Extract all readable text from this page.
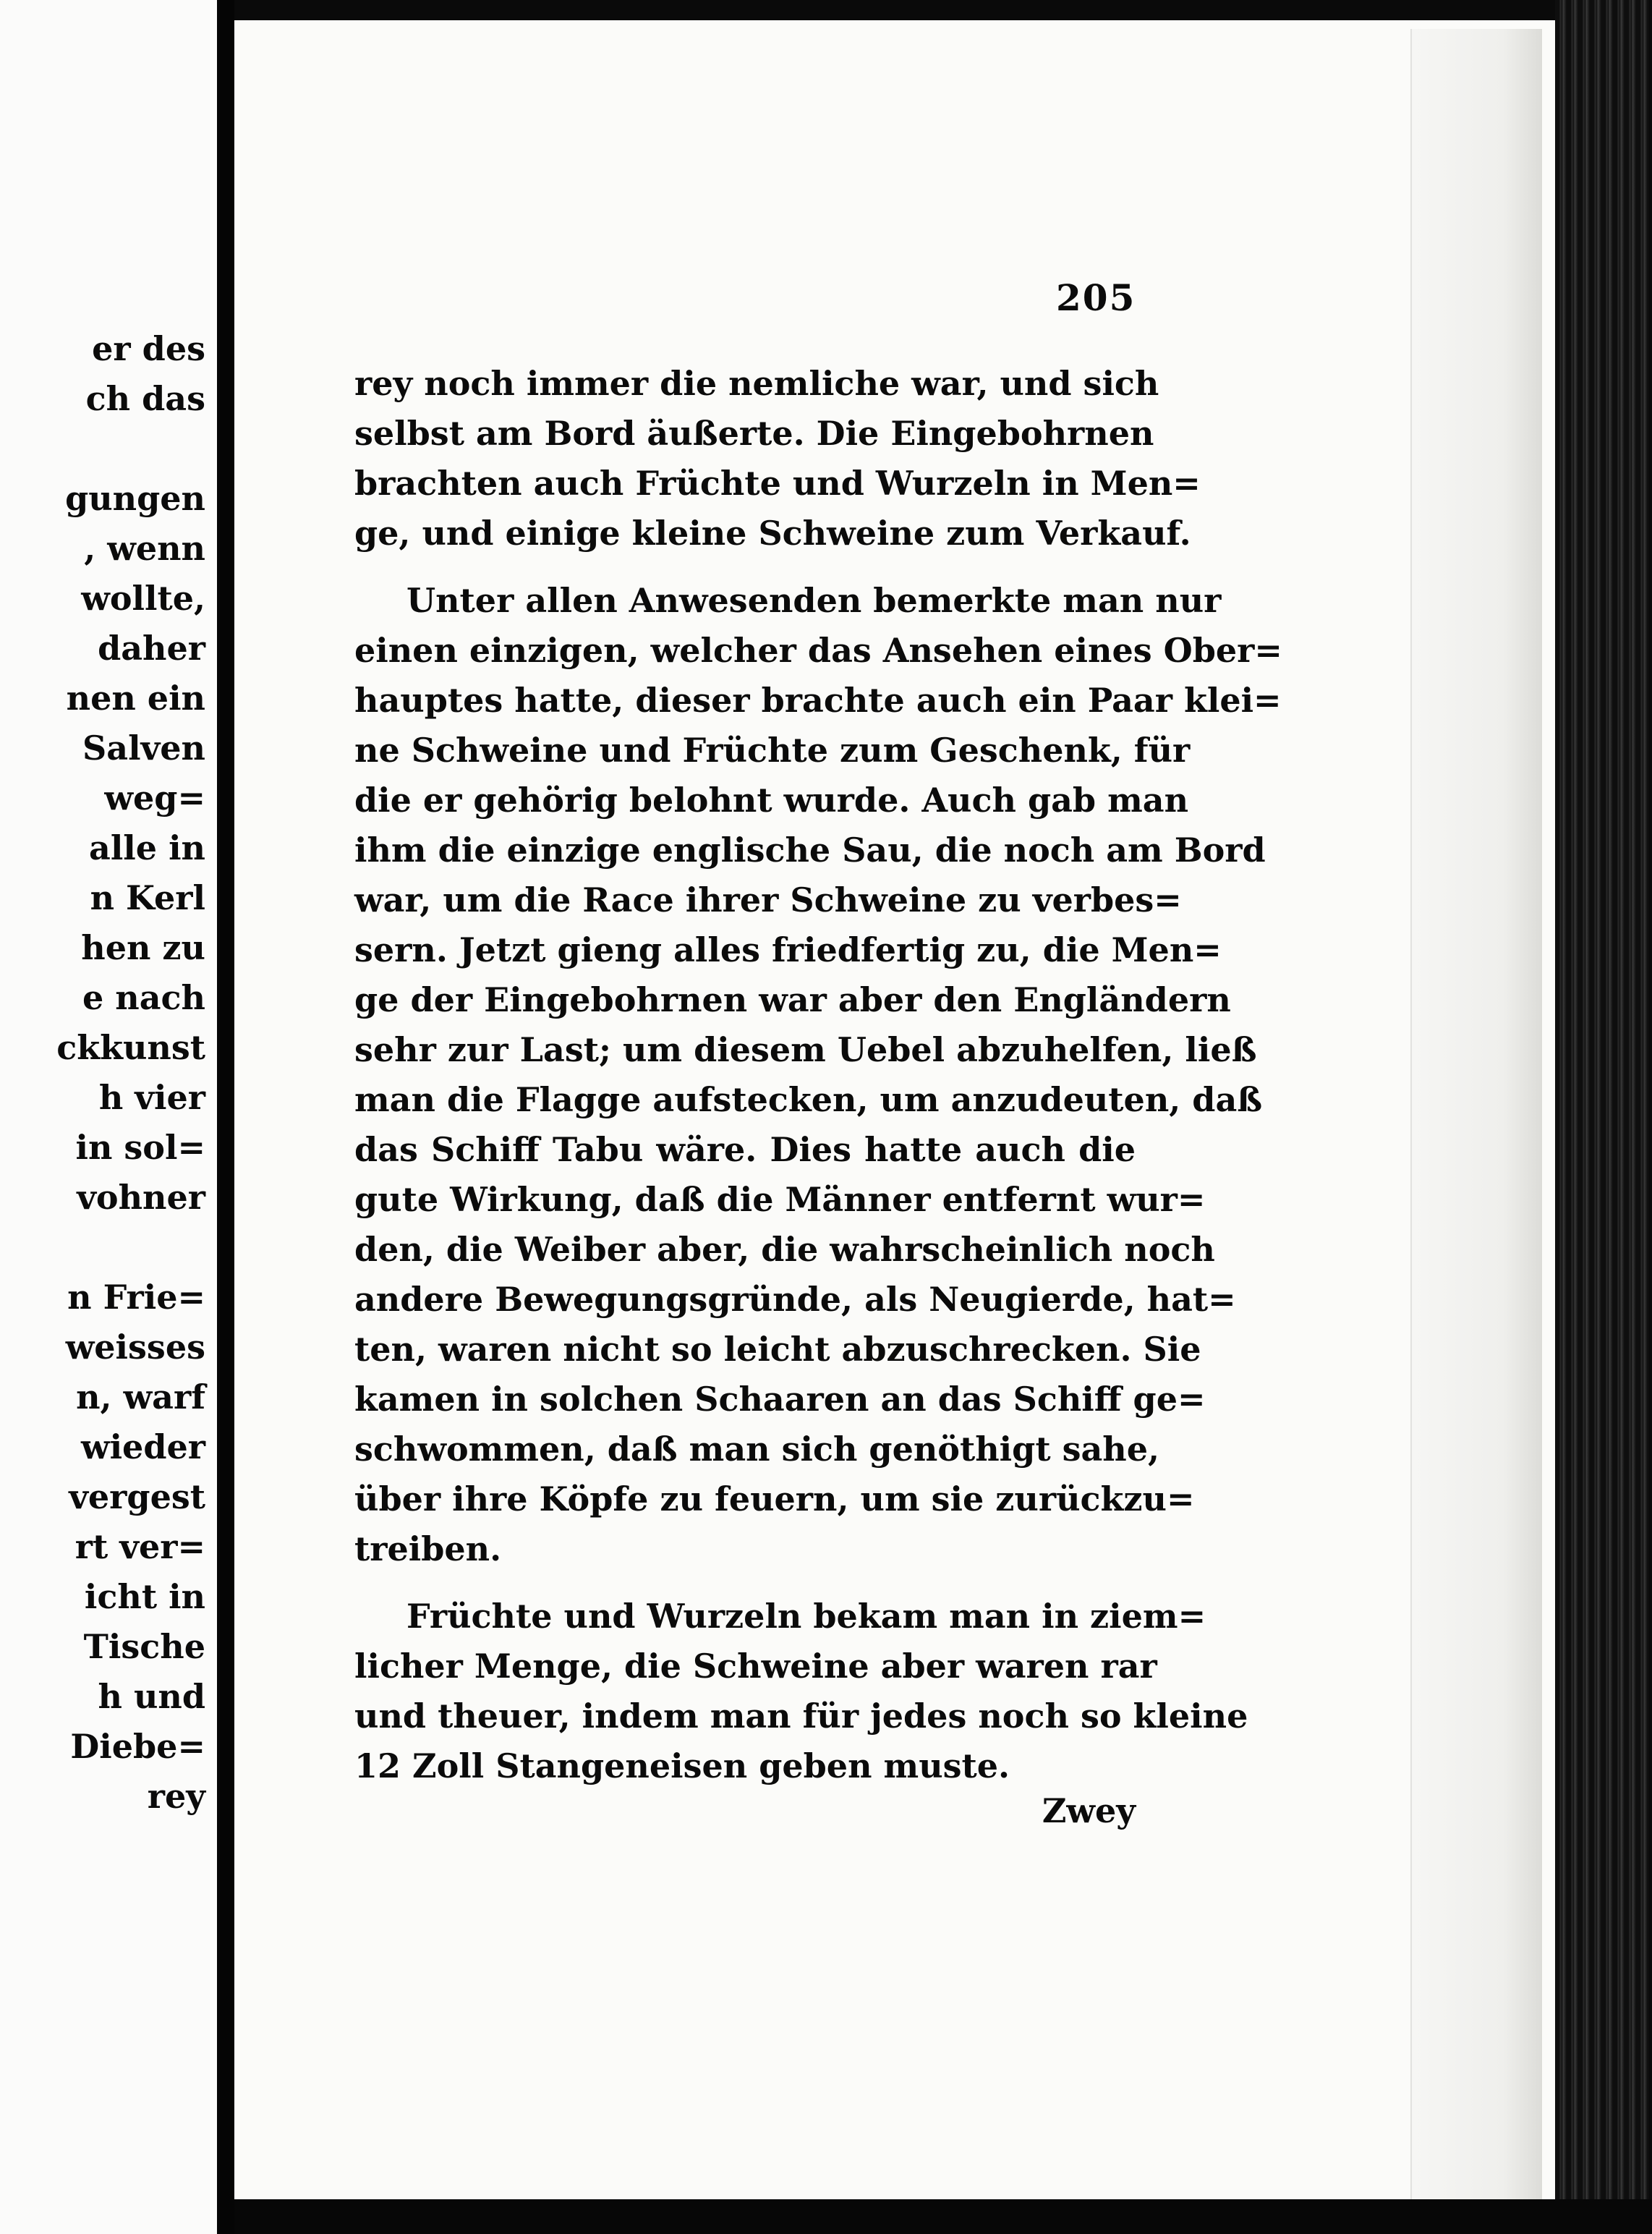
er des
ch das
gungen
, wenn
wollte,
daher
nen ein
Salven
weg=
alle in
n Kerl
hen zu
e nach
ckkunst
h vier
in sol=
vohner
n Frie=
weisses
n, warf
wieder
vergest
rt ver=
icht in
Tische
h und
Diebe=
rey
205
rey noch immer die nemliche war, und sich
selbst am Bord äußerte. Die Eingebohrnen
brachten auch Früchte und Wurzeln in Men=
ge, und einige kleine Schweine zum Verkauf.
Unter allen Anwesenden bemerkte man nur
einen einzigen, welcher das Ansehen eines Ober=
hauptes hatte, dieser brachte auch ein Paar klei=
ne Schweine und Früchte zum Geschenk, für
die er gehörig belohnt wurde. Auch gab man
ihm die einzige englische Sau, die noch am Bord
war, um die Race ihrer Schweine zu verbes=
sern. Jetzt gieng alles friedfertig zu, die Men=
ge der Eingebohrnen war aber den Engländern
sehr zur Last; um diesem Uebel abzuhelfen, ließ
man die Flagge aufstecken, um anzudeuten, daß
das Schiff Tabu wäre. Dies hatte auch die
gute Wirkung, daß die Männer entfernt wur=
den, die Weiber aber, die wahrscheinlich noch
andere Bewegungsgründe, als Neugierde, hat=
ten, waren nicht so leicht abzuschrecken. Sie
kamen in solchen Schaaren an das Schiff ge=
schwommen, daß man sich genöthigt sahe,
über ihre Köpfe zu feuern, um sie zurückzu=
treiben.
Früchte und Wurzeln bekam man in ziem=
licher Menge, die Schweine aber waren rar
und theuer, indem man für jedes noch so kleine
12 Zoll Stangeneisen geben muste.
Zwey
